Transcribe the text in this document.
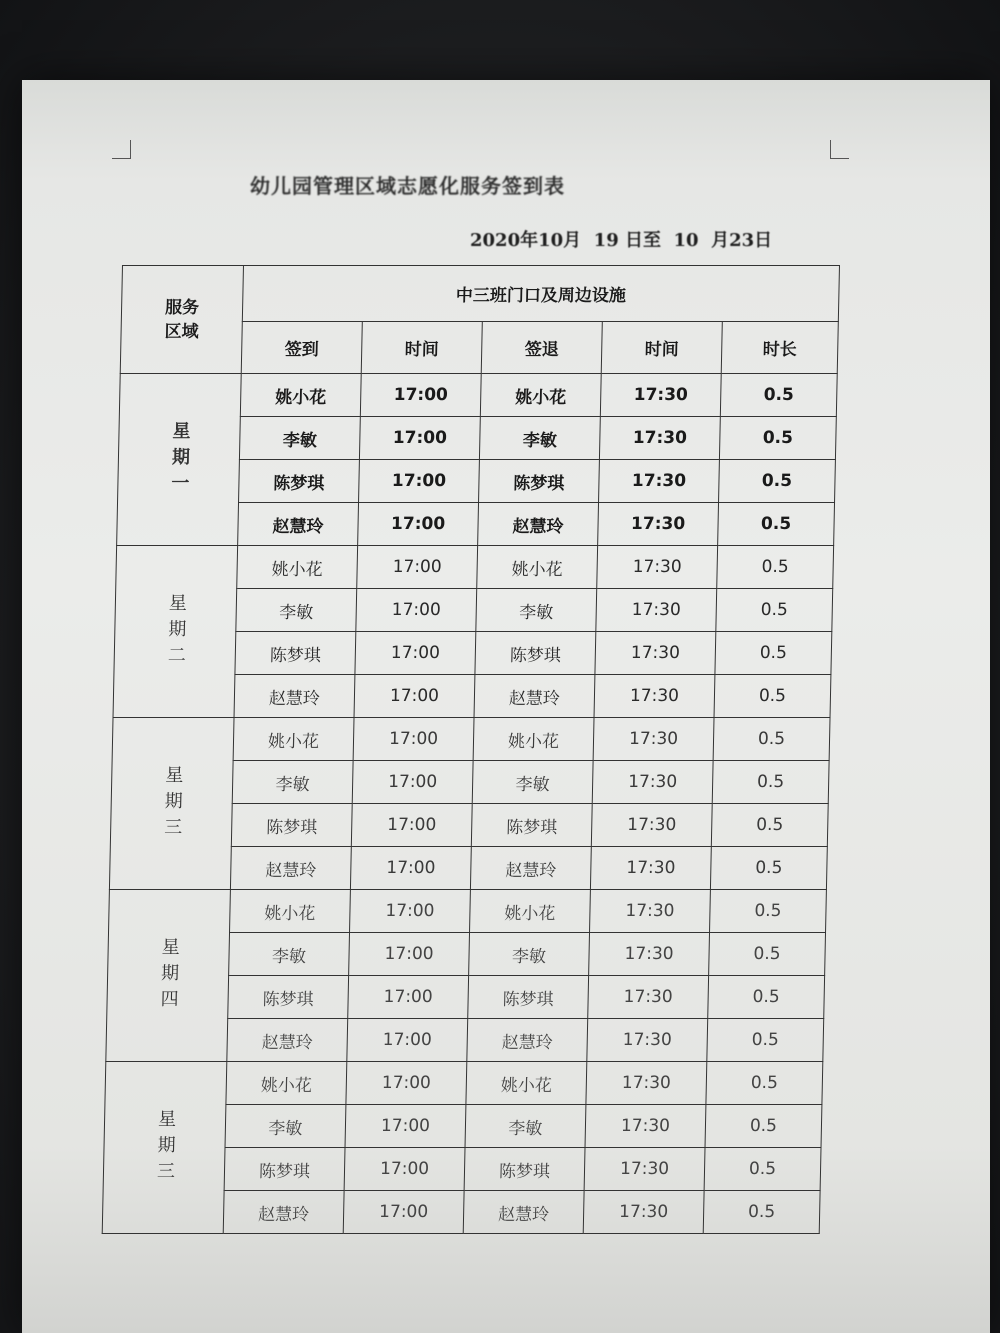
幼儿园管理区域志愿化服务签到表
2020年10月  19 日至  10  月23日
服务
区域	中三班门口及周边设施				
	签到	时间	签退	时间	时长

星期一	姚小花	17:00	姚小花	17:30	0.5
	李敏	17:00	李敏	17:30	0.5
	陈梦琪	17:00	陈梦琪	17:30	0.5
	赵慧玲	17:00	赵慧玲	17:30	0.5

星期二	姚小花	17:00	姚小花	17:30	0.5
	李敏	17:00	李敏	17:30	0.5
	陈梦琪	17:00	陈梦琪	17:30	0.5
	赵慧玲	17:00	赵慧玲	17:30	0.5

星期三	姚小花	17:00	姚小花	17:30	0.5
	李敏	17:00	李敏	17:30	0.5
	陈梦琪	17:00	陈梦琪	17:30	0.5
	赵慧玲	17:00	赵慧玲	17:30	0.5

星期四	姚小花	17:00	姚小花	17:30	0.5
	李敏	17:00	李敏	17:30	0.5
	陈梦琪	17:00	陈梦琪	17:30	0.5
	赵慧玲	17:00	赵慧玲	17:30	0.5

星期三	姚小花	17:00	姚小花	17:30	0.5
	李敏	17:00	李敏	17:30	0.5
	陈梦琪	17:00	陈梦琪	17:30	0.5
	赵慧玲	17:00	赵慧玲	17:30	0.5
